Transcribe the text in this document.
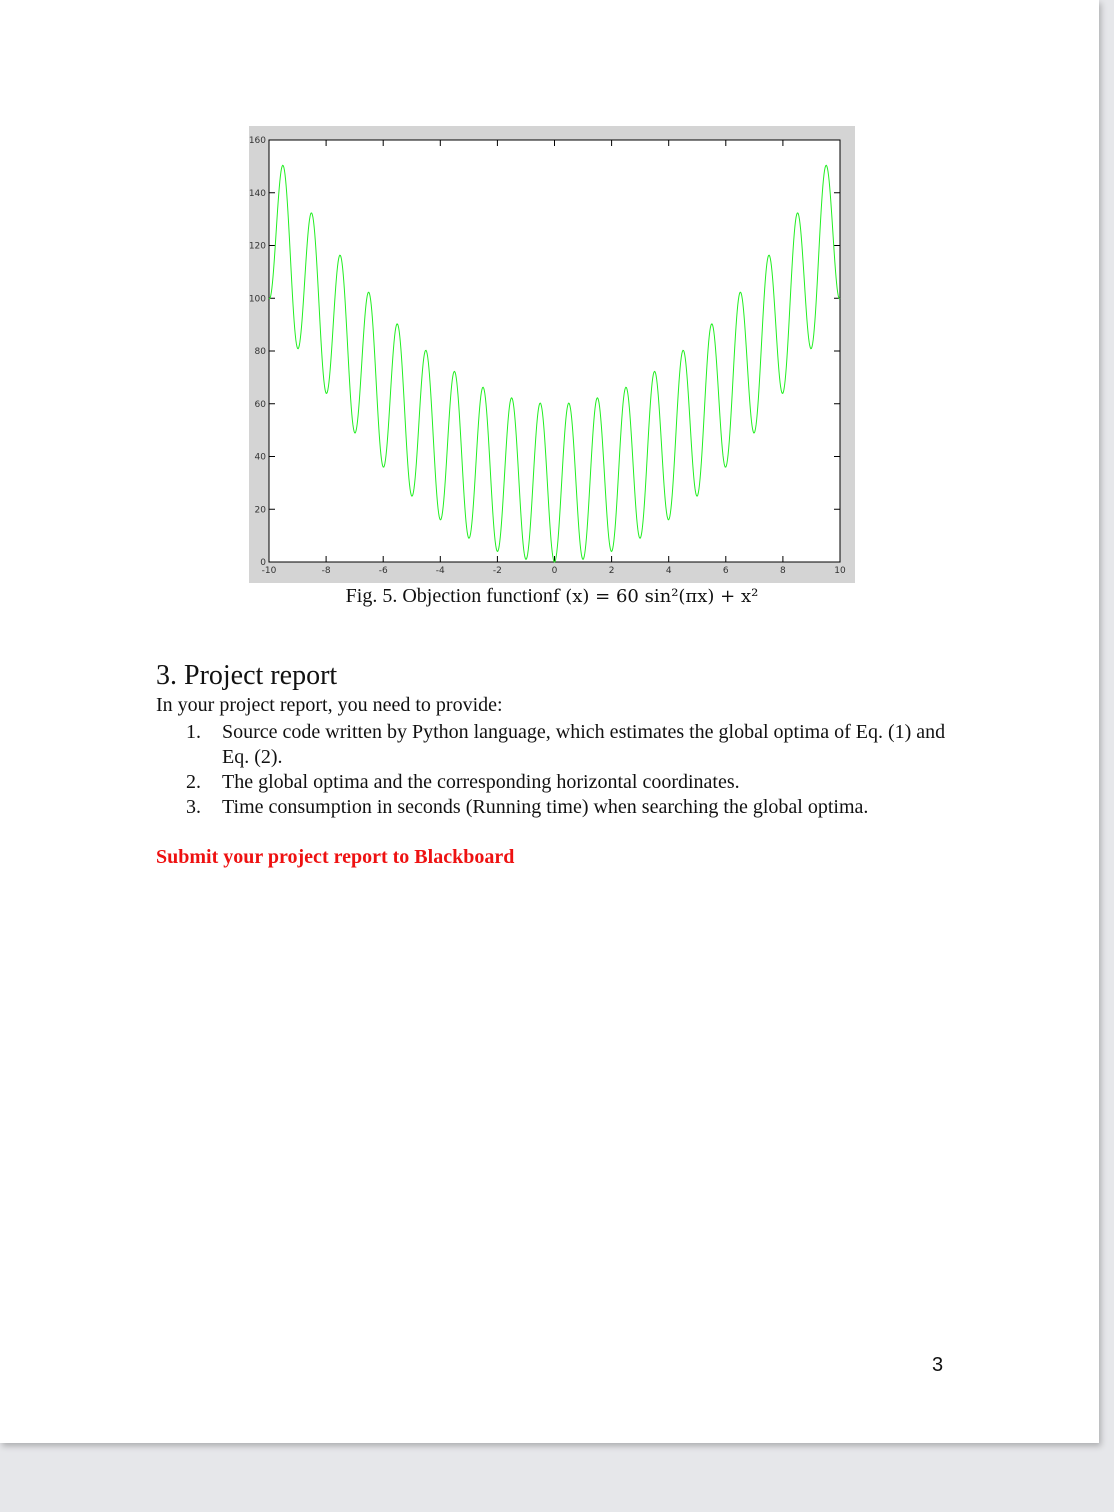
-10	-8	-6	-4	-2	0	2	4	6	8	10
0
20
40
60
80
100
120
140
160
Fig. 5. Objection functionf (x) = 60 sin²(πx) + x²
3. Project report
In your project report, you need to provide:
1.	Source code written by Python language, which estimates the global optima of Eq. (1) and Eq. (2).
2.	The global optima and the corresponding horizontal coordinates.
3.	Time consumption in seconds (Running time) when searching the global optima.
Submit your project report to Blackboard
3
